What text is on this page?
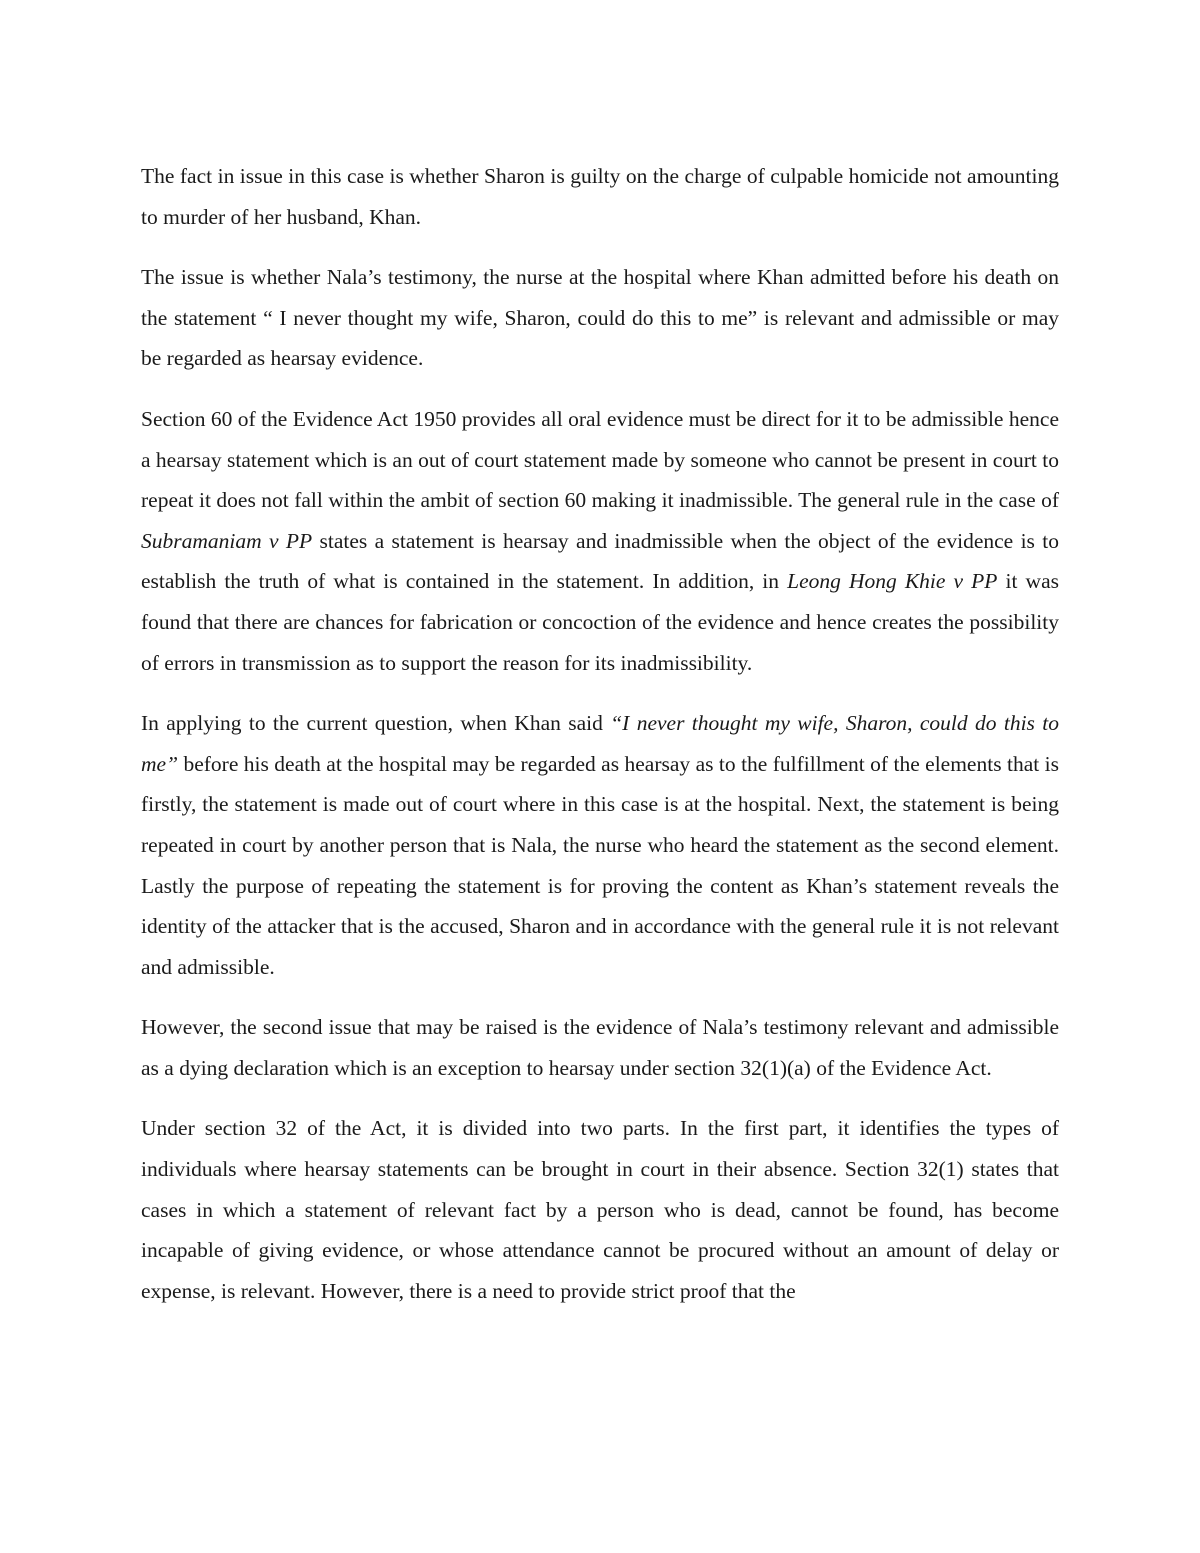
The fact in issue in this case is whether Sharon is guilty on the charge of culpable homicide not amounting to murder of her husband, Khan.

The issue is whether Nala’s testimony, the nurse at the hospital where Khan admitted before his death on the statement “ I never thought my wife, Sharon, could do this to me” is relevant and admissible or may be regarded as hearsay evidence.

Section 60 of the Evidence Act 1950 provides all oral evidence must be direct for it to be admissible hence a hearsay statement which is an out of court statement made by someone who cannot be present in court to repeat it does not fall within the ambit of section 60 making it inadmissible. The general rule in the case of Subramaniam v PP states a statement is hearsay and inadmissible when the object of the evidence is to establish the truth of what is contained in the statement. In addition, in Leong Hong Khie v PP it was found that there are chances for fabrication or concoction of the evidence and hence creates the possibility of errors in transmission as to support the reason for its inadmissibility.

In applying to the current question, when Khan said “I never thought my wife, Sharon, could do this to me” before his death at the hospital may be regarded as hearsay as to the fulfillment of the elements that is firstly, the statement is made out of court where in this case is at the hospital. Next, the statement is being repeated in court by another person that is Nala, the nurse who heard the statement as the second element. Lastly the purpose of repeating the statement is for proving the content as Khan’s statement reveals the identity of the attacker that is the accused, Sharon and in accordance with the general rule it is not relevant and admissible.

However, the second issue that may be raised is the evidence of Nala’s testimony relevant and admissible as a dying declaration which is an exception to hearsay under section 32(1)(a) of the Evidence Act.

Under section 32 of the Act, it is divided into two parts. In the first part, it identifies the types of individuals where hearsay statements can be brought in court in their absence. Section 32(1) states that cases in which a statement of relevant fact by a person who is dead, cannot be found, has become incapable of giving evidence, or whose attendance cannot be procured without an amount of delay or expense, is relevant. However, there is a need to provide strict proof that the
